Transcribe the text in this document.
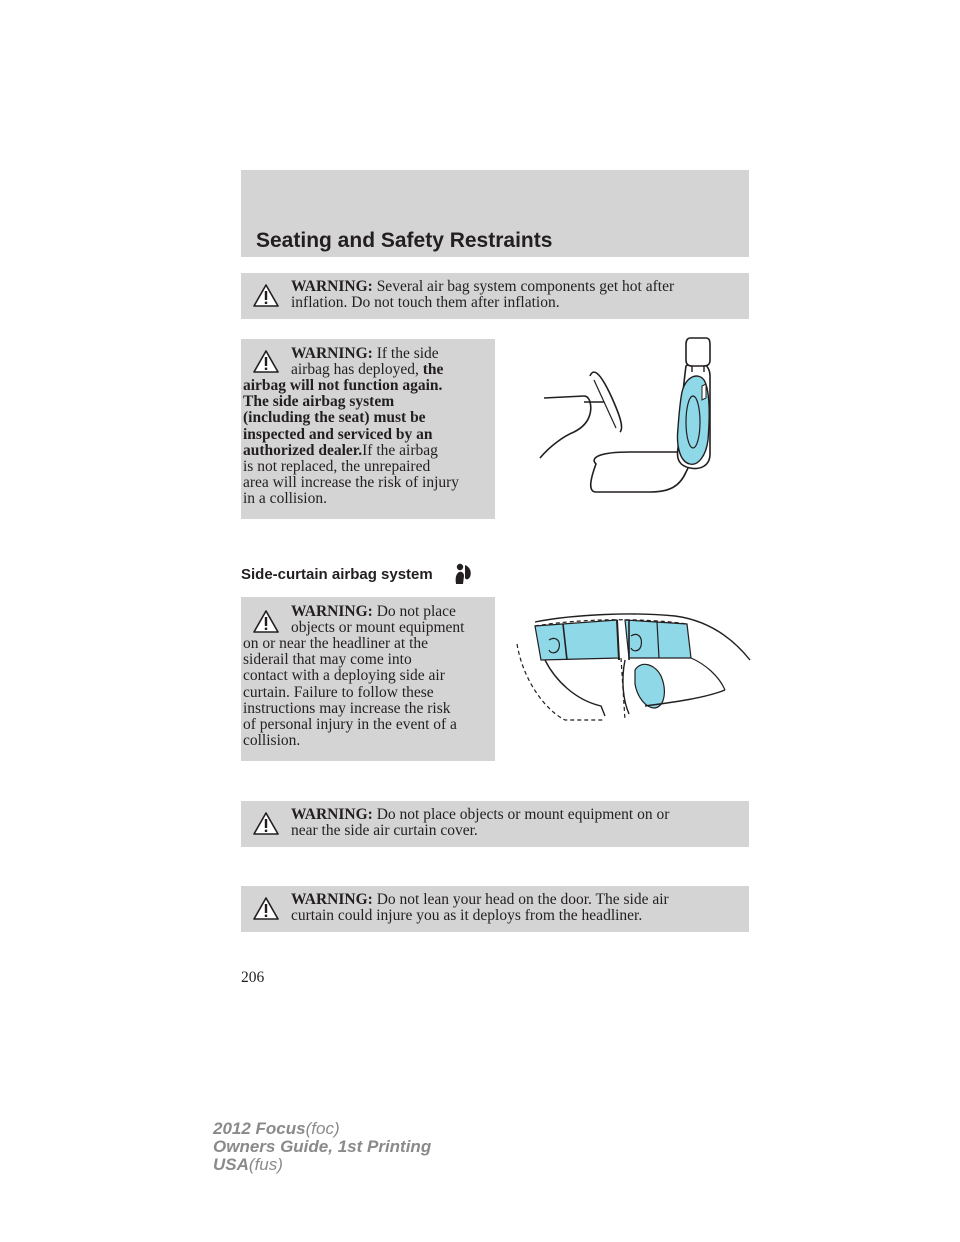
Seating and Safety Restraints
WARNING: Several air bag system components get hot after
inflation. Do not touch them after inflation.
WARNING: If the side
airbag has deployed, the
airbag will not function again.
The side airbag system
(including the seat) must be
inspected and serviced by an
authorized dealer.If the airbag
is not replaced, the unrepaired
area will increase the risk of injury
in a collision.
Side-curtain airbag system
WARNING: Do not place
objects or mount equipment
on or near the headliner at the
siderail that may come into
contact with a deploying side air
curtain. Failure to follow these
instructions may increase the risk
of personal injury in the event of a
collision.
WARNING: Do not place objects or mount equipment on or
near the side air curtain cover.
WARNING: Do not lean your head on the door. The side air
curtain could injure you as it deploys from the headliner.
206
2012 Focus(foc)
Owners Guide, 1st Printing
USA(fus)
